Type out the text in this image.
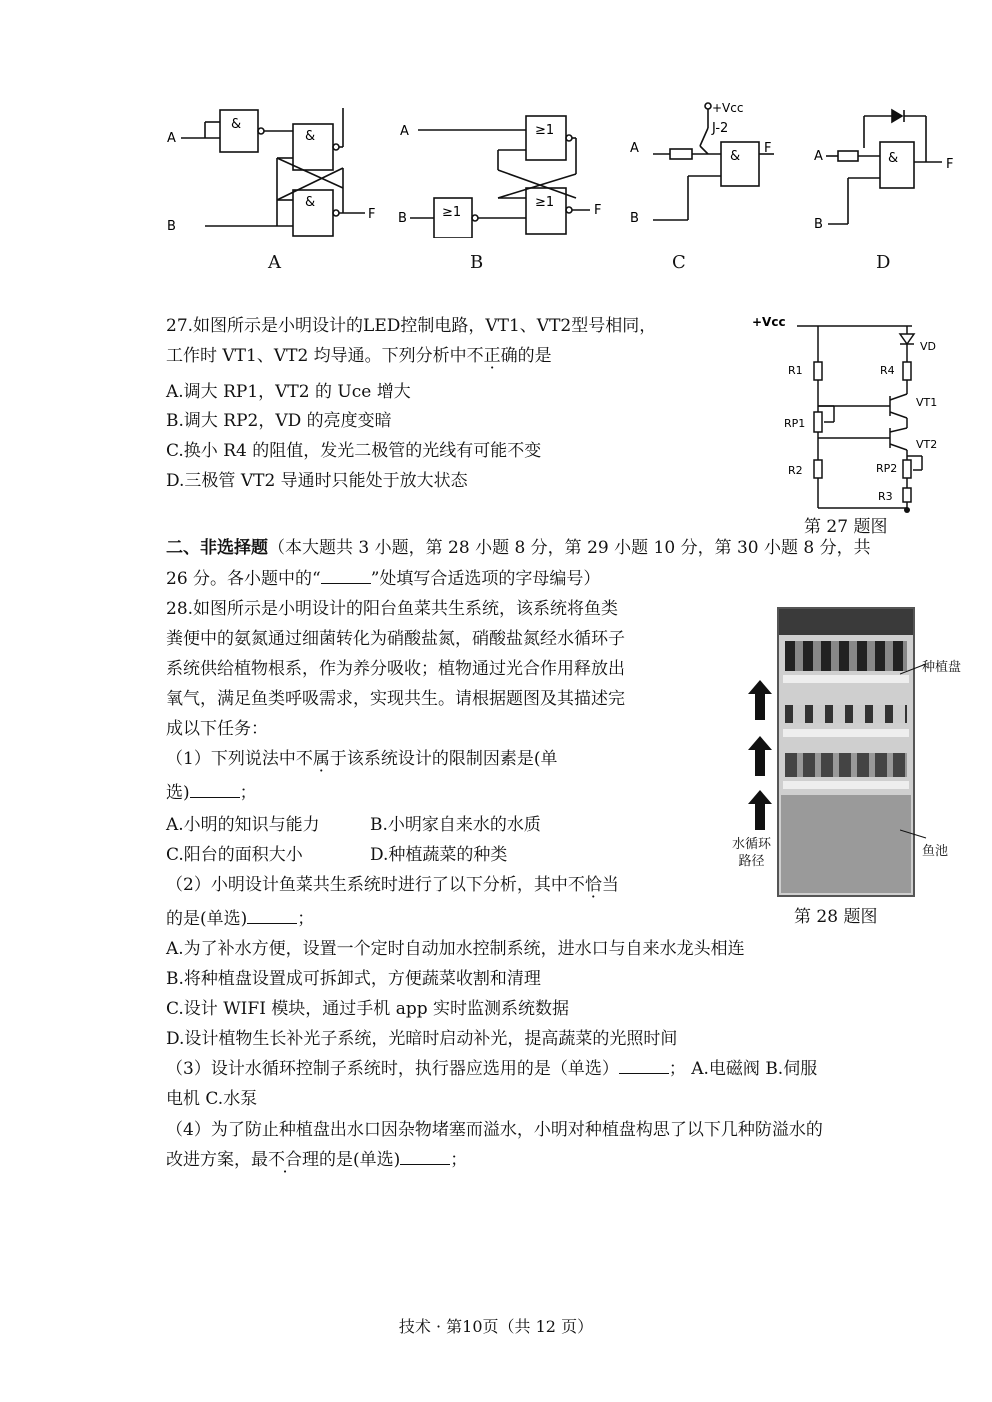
A
B
F
&
&
&
A
A
B
F
≥1
≥1
≥1
B
+Vcc
J-2
A
B
F
&
C
A
B
F
&
D
27.如图所示是小明设计的LED控制电路，VT1、VT2型号相同，
工作时 VT1、VT2 均导通。下列分析中不正确的是
A.调大 RP1，VT2 的 Uce 增大
B.调大 RP2，VD 的亮度变暗
C.换小 R4 的阻值，发光二极管的光线有可能不变
D.三极管 VT2 导通时只能处于放大状态
+Vcc
R1	R4
VD
RP1
VT1
VT2
R2	RP2
R3
第 27 题图
二、非选择题（本大题共 3 小题，第 28 小题 8 分，第 29 小题 10 分，第 30 小题 8 分，共
26 分。各小题中的“	”处填写合适选项的字母编号）
28.如图所示是小明设计的阳台鱼菜共生系统，该系统将鱼类
粪便中的氨氮通过细菌转化为硝酸盐氮，硝酸盐氮经水循环子
系统供给植物根系，作为养分吸收；植物通过光合作用释放出
氧气，满足鱼类呼吸需求，实现共生。请根据题图及其描述完
成以下任务：
（1）下列说法中不属于该系统设计的限制因素是(单
选)	；
A.小明的知识与能力	B.小明家自来水的水质
C.阳台的面积大小	D.种植蔬菜的种类
（2）小明设计鱼菜共生系统时进行了以下分析，其中不恰当
的是(单选)	；
A.为了补水方便，设置一个定时自动加水控制系统，进水口与自来水龙头相连
B.将种植盘设置成可拆卸式，方便蔬菜收割和清理
C.设计 WIFI 模块，通过手机 app 实时监测系统数据
D.设计植物生长补光子系统，光暗时启动补光，提高蔬菜的光照时间
（3）设计水循环控制子系统时，执行器应选用的是（单选）	； A.电磁阀 B.伺服
电机 C.水泵
（4）为了防止种植盘出水口因杂物堵塞而溢水，小明对种植盘构思了以下几种防溢水的
改进方案，最不合理的是(单选)	；
水循环
路径
种植盘
鱼池
第 28 题图
技术 · 第10页（共 12 页）
